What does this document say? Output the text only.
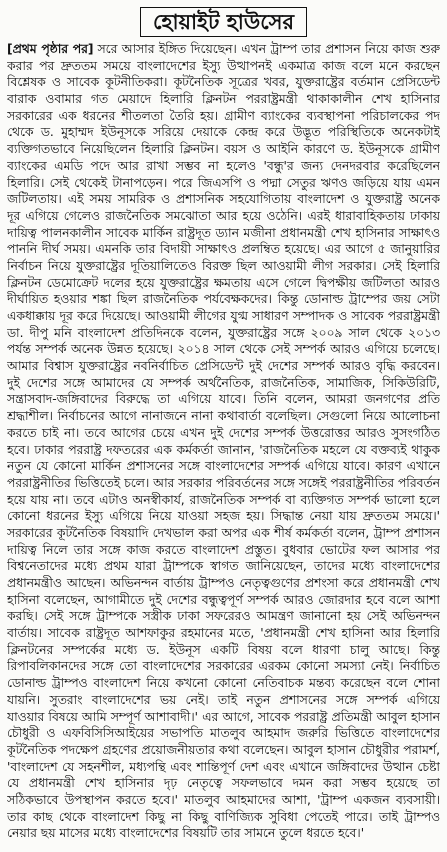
হোয়াইট হাউসের
[প্রথম পৃষ্ঠার পর] সরে আসার ইঙ্গিত দিয়েছেন। এখন ট্রাম্প তার প্রশাসন নিয়ে কাজ শুরু
করার পর দ্রুততম সময়ে বাংলাদেশের ইস্যু উত্থাপনই একমাত্র কাজ বলে মনে করছেন
বিশ্লেষক ও সাবেক কূটনীতিকরা। কূটনৈতিক সূত্রের খবর, যুক্তরাষ্ট্রের বর্তমান প্রেসিডেন্ট
বারাক ওবামার গত মেয়াদে হিলারি ক্লিনটন পররাষ্ট্রমন্ত্রী থাকাকালীন শেখ হাসিনার
সরকারের এক ধরনের শীতলতা তৈরি হয়। গ্রামীণ ব্যাংকের ব্যবস্থাপনা পরিচালকের পদ
থেকে ড. মুহাম্মদ ইউনূসকে সরিয়ে দেয়াকে কেন্দ্র করে উদ্ভূত পরিস্থিতিকে অনেকটাই
ব্যক্তিগতভাবে নিয়েছিলেন হিলারি ক্লিনটন। বয়স ও আইনি কারণে ড. ইউনূসকে গ্রামীণ
ব্যাংকের এমডি পদে আর রাখা সম্ভব না হলেও 'বন্ধু'র জন্য দেনদরবার করেছিলেন
হিলারি। সেই থেকেই টানাপড়েন। পরে জিএসপি ও পদ্মা সেতুর ঋণও জড়িয়ে যায় এমন
জটিলতায়। এই সময় সামরিক ও প্রশাসনিক সহযোগিতায় বাংলাদেশ ও যুক্তরাষ্ট্র অনেক
দূর এগিয়ে গেলেও রাজনৈতিক সমঝোতা আর হয়ে ওঠেনি। এরই ধারাবাহিকতায় ঢাকায়
দায়িত্ব পালনকালীন সাবেক মার্কিন রাষ্ট্রদূত ড্যান মজীনা প্রধানমন্ত্রী শেখ হাসিনার সাক্ষাৎও
পাননি দীর্ঘ সময়। এমনকি তার বিদায়ী সাক্ষাৎও প্রলম্বিত হয়েছে। এর আগে ৫ জানুয়ারির
নির্বাচন নিয়ে যুক্তরাষ্ট্রের দূতিয়ালিতেও বিরক্ত ছিল আওয়ামী লীগ সরকার। সেই হিলারি
ক্লিনটন ডেমোক্রেট দলের হয়ে যুক্তরাষ্ট্রের ক্ষমতায় এসে গেলে দ্বিপক্ষীয় জটিলতা আরও
দীর্ঘায়িত হওয়ার শঙ্কা ছিল রাজনৈতিক পর্যবেক্ষকদের। কিন্তু ডোনাল্ড ট্রাম্পের জয় সেটা
একধাক্কায় দূর করে দিয়েছে। আওয়ামী লীগের যুগ্ম সাধারণ সম্পাদক ও সাবেক পররাষ্ট্রমন্ত্রী
ডা. দীপু মনি বাংলাদেশ প্রতিদিনকে বলেন, যুক্তরাষ্ট্রের সঙ্গে ২০০৯ সাল থেকে ২০১৩
পর্যন্ত সম্পর্ক অনেক উন্নত হয়েছে। ২০১৪ সাল থেকে সেই সম্পর্ক আরও এগিয়ে চলেছে।
আমার বিশ্বাস যুক্তরাষ্ট্রের নবনির্বাচিত প্রেসিডেন্ট দুই দেশের সম্পর্ক আরও বৃদ্ধি করবেন।
দুই দেশের সঙ্গে আমাদের যে সম্পর্ক অর্থনৈতিক, রাজনৈতিক, সামাজিক, সিকিউরিটি,
সন্ত্রাসবাদ-জঙ্গিবাদের বিরুদ্ধে তা এগিয়ে যাবে। তিনি বলেন, আমরা জনগণের প্রতি
শ্রদ্ধাশীল। নির্বাচনের আগে নানাজনে নানা কথাবার্তা বলেছিল। সেগুলো নিয়ে আলোচনা
করতে চাই না। তবে আগের চেয়ে এখন দুই দেশের সম্পর্ক উত্তরোত্তর আরও সুসংগঠিত
হবে। ঢাকার পররাষ্ট্র দফতরের এক কর্মকর্তা জানান, 'রাজনৈতিক মহলে যে বক্তব্যই থাকুক
নতুন যে কোনো মার্কিন প্রশাসনের সঙ্গে বাংলাদেশের সম্পর্ক এগিয়ে যাবে। কারণ এখানে
পররাষ্ট্রনীতির ভিত্তিতেই চলে। আর সরকার পরিবর্তনের সঙ্গে সঙ্গেই পররাষ্ট্রনীতির পরিবর্তন
হয়ে যায় না। তবে এটাও অনস্বীকার্য, রাজনৈতিক সম্পর্ক বা ব্যক্তিগত সম্পর্ক ভালো হলে
কোনো ধরনের ইস্যু এগিয়ে নিয়ে যাওয়া সহজ হয়। সিদ্ধান্ত নেয়া যায় দ্রুততম সময়ে।'
সরকারের কূটনৈতিক বিষয়াদি দেখভাল করা অপর এক শীর্ষ কর্মকর্তা বলেন, ট্রাম্প প্রশাসন
দায়িত্ব নিলে তার সঙ্গে কাজ করতে বাংলাদেশ প্রস্তুত। বুধবার ভোটের ফল আসার পর
বিশ্বনেতাদের মধ্যে প্রথম যারা ট্রাম্পকে স্বাগত জানিয়েছেন, তাদের মধ্যে বাংলাদেশের
প্রধানমন্ত্রীও আছেন। অভিনন্দন বার্তায় ট্রাম্পও নেতৃত্বগুণের প্রশংসা করে প্রধানমন্ত্রী শেখ
হাসিনা বলেছেন, আগামীতে দুই দেশের বন্ধুত্বপূর্ণ সম্পর্ক আরও জোরদার হবে বলে আশা
করছি। সেই সঙ্গে ট্রাম্পকে সস্ত্রীক ঢাকা সফরেরও আমন্ত্রণ জানানো হয় সেই অভিনন্দন
বার্তায়। সাবেক রাষ্ট্রদূত আশফাকুর রহমানের মতে, 'প্রধানমন্ত্রী শেখ হাসিনা আর হিলারি
ক্লিনটনের সম্পর্কের মধ্যে ড. ইউনূস একটি বিষয় বলে ধারণা চালু আছে। কিন্তু
রিপাবলিকানদের সঙ্গে তো বাংলাদেশের সরকারের এরকম কোনো সমস্যা নেই। নির্বাচিত
ডোনাল্ড ট্রাম্পও বাংলাদেশ নিয়ে কখনো কোনো নেতিবাচক মন্তব্য করেছেন বলে শোনা
যায়নি। সুতরাং বাংলাদেশের ভয় নেই। তাই নতুন প্রশাসনের সঙ্গে সম্পর্ক এগিয়ে
যাওয়ার বিষয়ে আমি সম্পূর্ণ আশাবাদী।' এর আগে, সাবেক পররাষ্ট্র প্রতিমন্ত্রী আবুল হাসান
চৌধুরী ও এফবিসিসিআইয়ের সভাপতি মাতলুব আহমাদ জরুরি ভিত্তিতে বাংলাদেশের
কূটনৈতিক পদক্ষেপ গ্রহণের প্রয়োজনীয়তার কথা বলেছেন। আবুল হাসান চৌধুরীর পরামর্শ,
'বাংলাদেশ যে সহনশীল, মধ্যপন্থি এবং শান্তিপূর্ণ দেশ এবং এখানে জঙ্গিবাদের উত্থান চেষ্টা
যে প্রধানমন্ত্রী শেখ হাসিনার দৃঢ় নেতৃত্বে সফলভাবে দমন করা সম্ভব হয়েছে তা
সঠিকভাবে উপস্থাপন করতে হবে।' মাতলুব আহমাদের আশা, 'ট্রাম্প একজন ব্যবসায়ী।
তার কাছ থেকে বাংলাদেশ কিছু না কিছু বাণিজ্যিক সুবিধা পেতেই পারে। তাই ট্রাম্পও
নেয়ার ছয় মাসের মধ্যে বাংলাদেশের বিষয়টি তার সামনে তুলে ধরতে হবে।'
